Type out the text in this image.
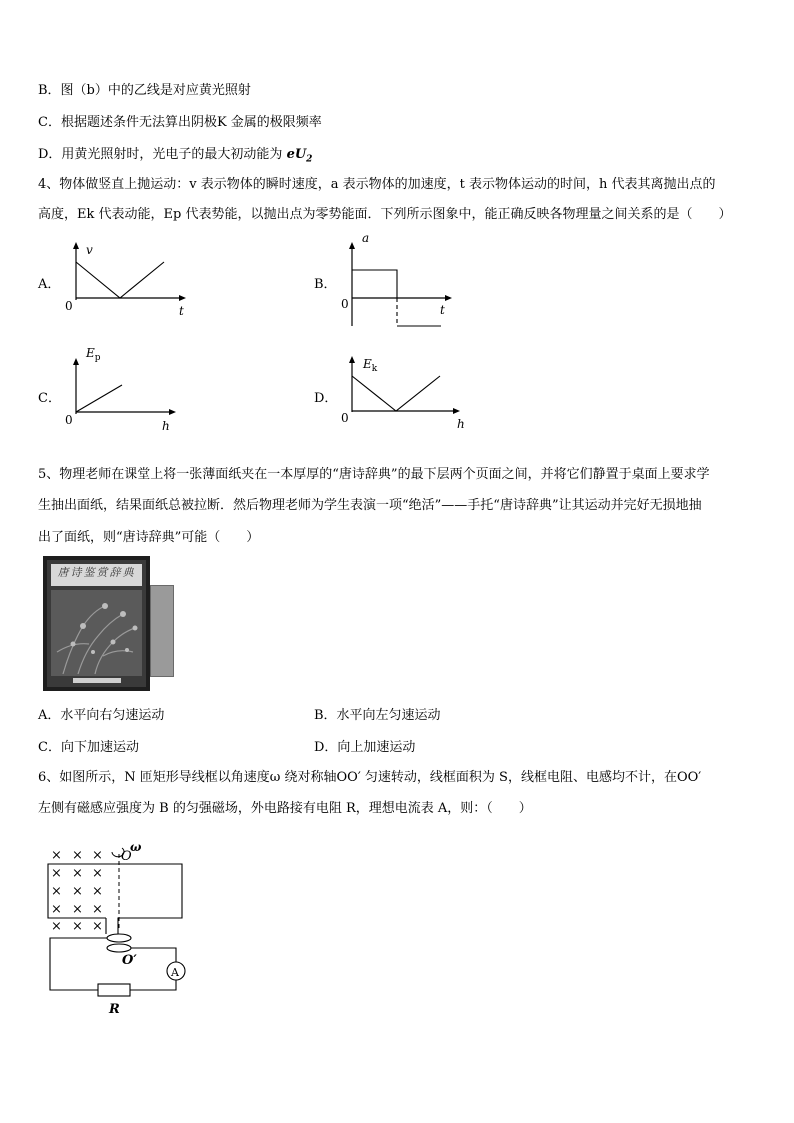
B．图（b）中的乙线是对应黄光照射
C．根据题述条件无法算出阴极K 金属的极限频率
D．用黄光照射时，光电子的最大初动能为 $eU_2$
4、物体做竖直上抛运动：v 表示物体的瞬时速度，a 表示物体的加速度，t 表示物体运动的时间，h 代表其离抛出点的
高度，Ek 代表动能，Ep 代表势能，以抛出点为零势能面．下列所示图象中，能正确反映各物理量之间关系的是（　　）
A．	B．
C．	D．
v
t
0
a
t
0
$E_p$
h
0
$E_k$
h
0
5、物理老师在课堂上将一张薄面纸夹在一本厚厚的“唐诗辞典”的最下层两个页面之间，并将它们静置于桌面上要求学
生抽出面纸，结果面纸总被拉断．然后物理老师为学生表演一项“绝活”——手托“唐诗辞典”让其运动并完好无损地抽
出了面纸，则“唐诗辞典”可能（　　）
唐诗鉴赏辞典
A．水平向右匀速运动	B．水平向左匀速运动
C．向下加速运动	D．向上加速运动
6、如图所示，N 匝矩形导线框以角速度ω 绕对称轴OO′ 匀速转动，线框面积为 S，线框电阻、电感均不计，在OO′
左侧有磁感应强度为 B 的匀强磁场，外电路接有电阻 R，理想电流表 A，则：（　　）
× × ×
× × ×
× × ×
× × ×
× × ×
O
ω
O′
A
R
